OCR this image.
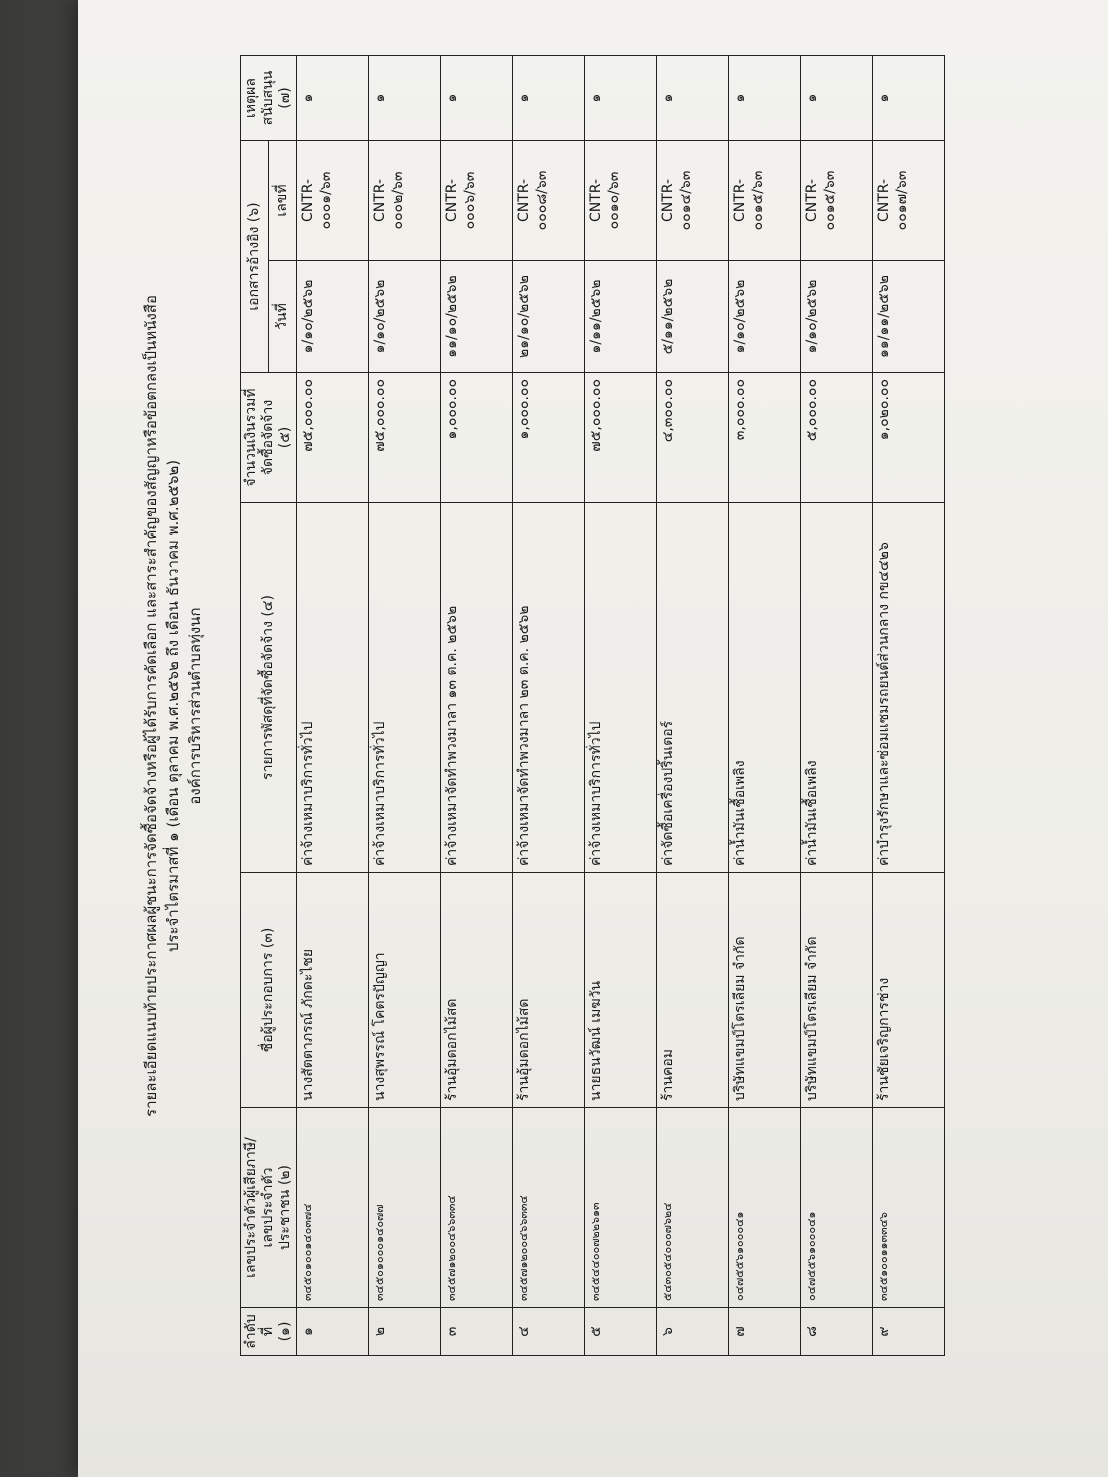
รายละเอียดแนบท้ายประกาศผลผู้ชนะการจัดซื้อจัดจ้างหรือผู้ได้รับการคัดเลือก และสาระสำคัญของสัญญาหรือข้อตกลงเป็นหนังสือ ประจำไตรมาสที่ ๑ (เดือน ตุลาคม พ.ศ.๒๕๖๒ ถึง เดือน ธันวาคม พ.ศ.๒๕๖๒) องค์การบริหารส่วนตำบลทุ่งนก
ลำดับที่
(๑)	เลขประจำตัวผู้เสียภาษี/
เลขประจำตัว
ประชาชน (๒)	ชื่อผู้ประกอบการ (๓)	รายการพัสดุที่จัดซื้อจัดจ้าง (๔)	จำนวนเงินรวมที่
จัดซื้อจัดจ้าง
(๕)	เอกสารอ้างอิง (๖)		เหตุผล
สนับสนุน
(๗)
					วันที่	เลขที่	
๑	๓๔๕๐๑๐๐๑๔๐๓๗๔	นางสัตตาภรณ์ ภักดะไชย	ค่าจ้างเหมาบริการทั่วไป	๗๕,๐๐๐.๐๐	๑/๑๐/๒๕๖๒	CNTR- ๐๐๐๑/๖๓	๑
๒	๓๔๕๐๑๐๐๐๑๔๐๗๗	นางสุพรรณ์ โคตรปัญญา	ค่าจ้างเหมาบริการทั่วไป	๗๕,๐๐๐.๐๐	๑/๑๐/๒๕๖๒	CNTR- ๐๐๐๒/๖๓	๑
๓	๓๔๕๗๑๒๐๐๔๖๖๓๓๔	ร้านอุ้มดอกไม้สด	ค่าจ้างเหมาจัดทำพวงมาลา ๑๓ ต.ค. ๒๕๖๒	๑,๐๐๐.๐๐	๑๑/๑๐/๒๕๖๒	CNTR- ๐๐๐๖/๖๓	๑
๔	๓๔๕๗๑๒๐๐๔๖๖๓๓๔	ร้านอุ้มดอกไม้สด	ค่าจ้างเหมาจัดทำพวงมาลา ๒๓ ต.ค. ๒๕๖๒	๑,๐๐๐.๐๐	๒๑/๑๐/๒๕๖๒	CNTR- ๐๐๐๘/๖๓	๑
๕	๓๔๕๔๔๐๐๗๒๒๖๑๓	นายธนวัฒน์ เมฆวัน	ค่าจ้างเหมาบริการทั่วไป	๗๕,๐๐๐.๐๐	๑/๑๑/๒๕๖๒	CNTR- ๐๐๑๐/๖๓	๑
๖	๕๔๓๐๕๔๐๐๐๗๖๒๔	ร้านคอม	ค่าจัดซื้อเครื่องปริ้นเตอร์	๔,๓๐๐.๐๐	๕/๑๑/๒๕๖๒	CNTR- ๐๐๑๔/๖๓	๑
๗	๐๔๗๕๕๖๑๐๐๐๔๑	บริษัทแขมป์โตรเลียม จำกัด	ค่าน้ำมันเชื้อเพลิง	๓,๐๐๐.๐๐	๑/๑๐/๒๕๖๒	CNTR- ๐๐๑๕/๖๓	๑
๘	๐๔๗๕๕๖๑๐๐๐๔๑	บริษัทแขมป์โตรเลียม จำกัด	ค่าน้ำมันเชื้อเพลิง	๕,๐๐๐.๐๐	๑/๑๐/๒๕๖๒	CNTR- ๐๐๑๕/๖๓	๑
๙	๓๔๕๑๐๐๑๑๓๓๔๖	ร้านชัยเจริญการช่าง	ค่าบำรุงรักษาและซ่อมแซมรถยนต์ส่วนกลาง กข๔๔๒๖	๑,๐๒๐.๐๐	๑๑/๑๑/๒๕๖๒	CNTR- ๐๐๑๗/๖๓	๑
